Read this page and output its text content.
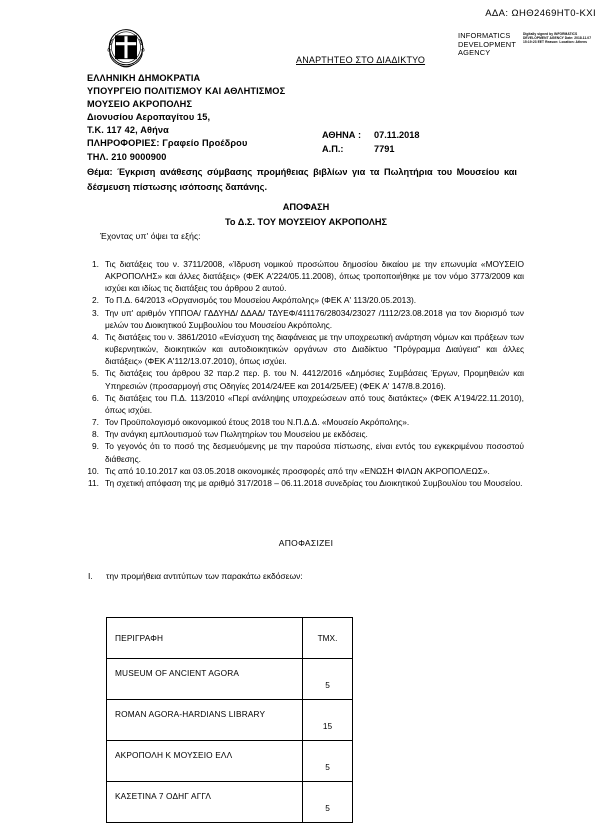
ΑΔΑ: ΩΗΘ2469ΗΤ0-ΚΧΙ
INFORMATICS DEVELOPMENT AGENCY
Digitally signed by INFORMATICS DEVELOPMENT AGENCY Date: 2018.11.07 15:19:23 EET Reason: Location: Athens
ΑΝΑΡΤΗΤΕΟ ΣΤΟ ΔΙΑΔΙΚΤΥΟ
ΕΛΛΗΝΙΚΗ ΔΗΜΟΚΡΑΤΙΑ
ΥΠΟΥΡΓΕΙΟ ΠΟΛΙΤΙΣΜΟΥ ΚΑΙ ΑΘΛΗΤΙΣΜΟΣ
ΜΟΥΣΕΙΟ ΑΚΡΟΠΟΛΗΣ
Διονυσίου Αεροπαγίτου 15,
Τ.Κ. 117 42, Αθήνα
ΠΛΗΡΟΦΟΡΙΕΣ: Γραφείο Προέδρου
ΤΗΛ. 210 9000900
ΑΘΗΝΑ :	07.11.2018
Α.Π.:	7791
Θέμα: Έγκριση ανάθεσης σύμβασης προμήθειας βιβλίων για τα Πωλητήρια του Μουσείου και δέσμευση πίστωσης ισόποσης δαπάνης.
ΑΠΟΦΑΣΗ
Το Δ.Σ. ΤΟΥ ΜΟΥΣΕΙΟΥ ΑΚΡΟΠΟΛΗΣ
Έχοντας υπ' όψει τα εξής:
1. Τις διατάξεις του ν. 3711/2008, «Ίδρυση νομικού προσώπου δημοσίου δικαίου με την επωνυμία «ΜΟΥΣΕΙΟ ΑΚΡΟΠΟΛΗΣ» και άλλες διατάξεις» (ΦΕΚ Α'224/05.11.2008), όπως τροποποιήθηκε με τον νόμο 3773/2009 και ισχύει και ιδίως τις διατάξεις του άρθρου 2 αυτού.
2. Το Π.Δ. 64/2013 «Οργανισμός του Μουσείου Ακρόπολης» (ΦΕΚ Α' 113/20.05.2013).
3. Την υπ' αριθμόν ΥΠΠΟΑ/ ΓΔΔΥΗΔ/ ΔΔΑΔ/ ΤΔΥΕΦ/411176/28034/23027 /1112/23.08.2018 για τον διορισμό των μελών του Διοικητικού Συμβουλίου του Μουσείου Ακρόπολης.
4. Τις διατάξεις του ν. 3861/2010 «Ενίσχυση της διαφάνειας με την υποχρεωτική ανάρτηση νόμων και πράξεων των κυβερνητικών, διοικητικών και αυτοδιοικητικών οργάνων στο Διαδίκτυο "Πρόγραμμα Διαύγεια" και άλλες διατάξεις» (ΦΕΚ Α'112/13.07.2010), όπως ισχύει.
5. Τις διατάξεις του άρθρου 32 παρ.2 περ. β. του Ν. 4412/2016 «Δημόσιες Συμβάσεις Έργων, Προμηθειών και Υπηρεσιών (προσαρμογή στις Οδηγίες 2014/24/ΕΕ και 2014/25/ΕΕ) (ΦΕΚ Α' 147/8.8.2016).
6. Τις διατάξεις του Π.Δ. 113/2010 «Περί ανάληψης υποχρεώσεων από τους διατάκτες» (ΦΕΚ Α'194/22.11.2010), όπως ισχύει.
7. Τον Προϋπολογισμό οικονομικού έτους 2018 του Ν.Π.Δ.Δ. «Μουσείο Ακρόπολης».
8. Την ανάγκη εμπλουτισμού των Πωλητηρίων του Μουσείου με εκδόσεις.
9. Το γεγονός ότι το ποσό της δεσμευόμενης με την παρούσα πίστωσης, είναι εντός του εγκεκριμένου ποσοστού διάθεσης.
10. Τις από 10.10.2017 και 03.05.2018 οικονομικές προσφορές από την «ΕΝΩΣΗ ΦΙΛΩΝ ΑΚΡΟΠΟΛΕΩΣ».
11. Τη σχετική απόφαση της με αριθμό 317/2018 – 06.11.2018 συνεδρίας του Διοικητικού Συμβουλίου του Μουσείου.
ΑΠΟΦΑΣΙΖΕΙ
Ι.	την προμήθεια αντιτύπων των παρακάτω εκδόσεων:
ΠΕΡΙΓΡΑΦΗ	ΤΜΧ.
MUSEUM OF ANCIENT AGORA	5
ROMAN AGORA-HARDIANS LIBRARY	15
ΑΚΡΟΠΟΛΗ Κ ΜΟΥΣΕΙΟ ΕΛΛ	5
ΚΑΣΕΤΙΝΑ 7 ΟΔΗΓ ΑΓΓΛ	5
